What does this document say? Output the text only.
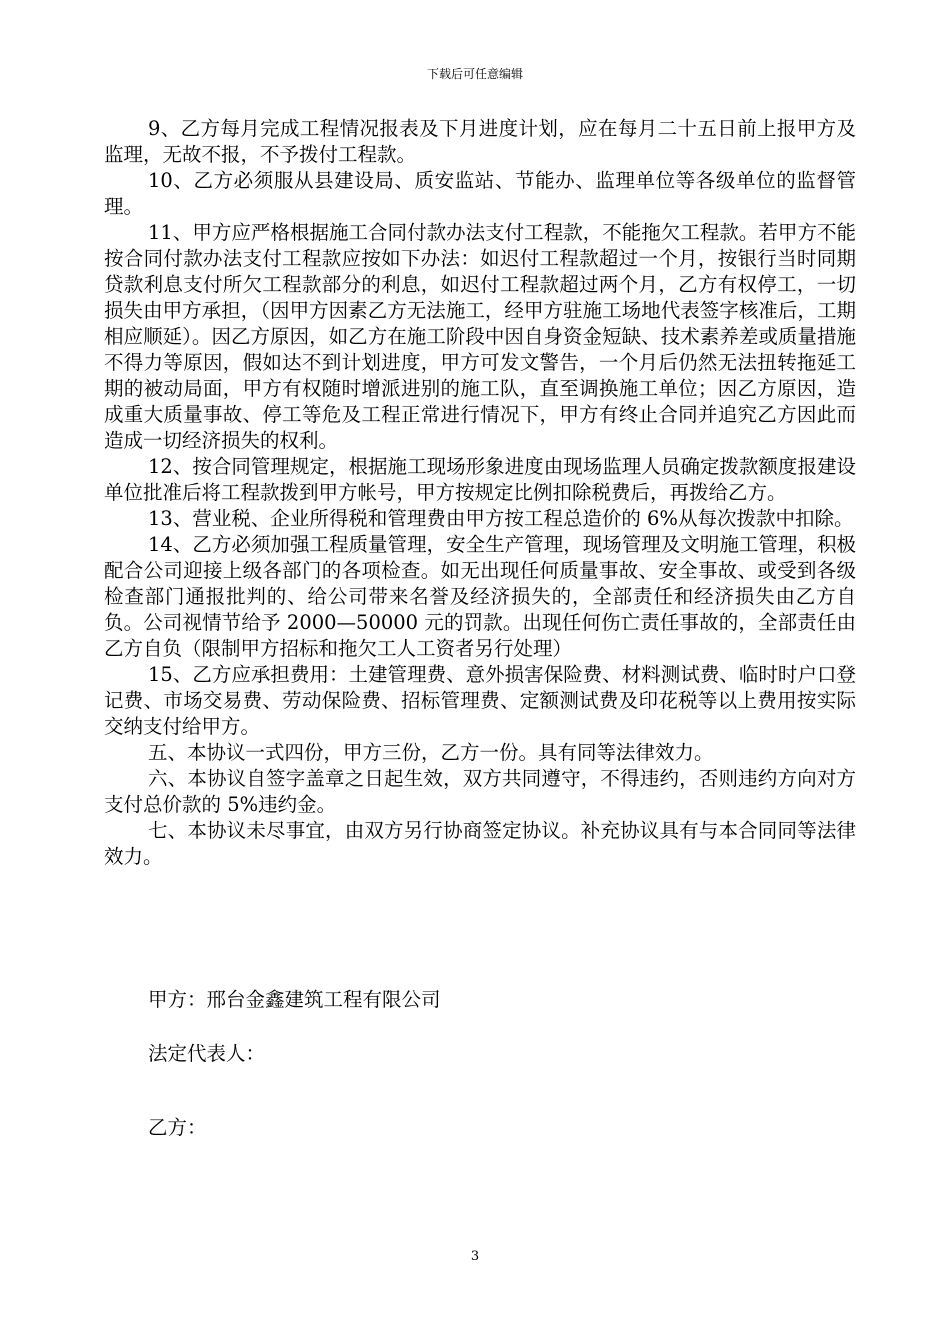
下载后可任意编辑

9、乙方每月完成工程情况报表及下月进度计划，应在每月二十五日前上报甲方及监理，无故不报，不予拨付工程款。

10、乙方必须服从县建设局、质安监站、节能办、监理单位等各级单位的监督管理。

11、甲方应严格根据施工合同付款办法支付工程款，不能拖欠工程款。若甲方不能按合同付款办法支付工程款应按如下办法：如迟付工程款超过一个月，按银行当时同期贷款利息支付所欠工程款部分的利息，如迟付工程款超过两个月，乙方有权停工，一切损失由甲方承担，（因甲方因素乙方无法施工，经甲方驻施工场地代表签字核准后，工期相应顺延）。因乙方原因，如乙方在施工阶段中因自身资金短缺、技术素养差或质量措施不得力等原因，假如达不到计划进度，甲方可发文警告，一个月后仍然无法扭转拖延工期的被动局面，甲方有权随时增派进别的施工队，直至调换施工单位；因乙方原因，造成重大质量事故、停工等危及工程正常进行情况下，甲方有终止合同并追究乙方因此而造成一切经济损失的权利。

12、按合同管理规定，根据施工现场形象进度由现场监理人员确定拨款额度报建设单位批准后将工程款拨到甲方帐号，甲方按规定比例扣除税费后，再拨给乙方。

13、营业税、企业所得税和管理费由甲方按工程总造价的 6%从每次拨款中扣除。

14、乙方必须加强工程质量管理，安全生产管理，现场管理及文明施工管理，积极配合公司迎接上级各部门的各项检查。如无出现任何质量事故、安全事故、或受到各级检查部门通报批判的、给公司带来名誉及经济损失的，全部责任和经济损失由乙方自负。公司视情节给予 2000—50000 元的罚款。出现任何伤亡责任事故的，全部责任由乙方自负（限制甲方招标和拖欠工人工资者另行处理）

15、乙方应承担费用：土建管理费、意外损害保险费、材料测试费、临时时户口登记费、市场交易费、劳动保险费、招标管理费、定额测试费及印花税等以上费用按实际交纳支付给甲方。

五、本协议一式四份，甲方三份，乙方一份。具有同等法律效力。

六、本协议自签字盖章之日起生效，双方共同遵守，不得违约，否则违约方向对方支付总价款的 5%违约金。

七、本协议未尽事宜，由双方另行协商签定协议。补充协议具有与本合同同等法律效力。

甲方：邢台金鑫建筑工程有限公司
法定代表人：
乙方：
3
